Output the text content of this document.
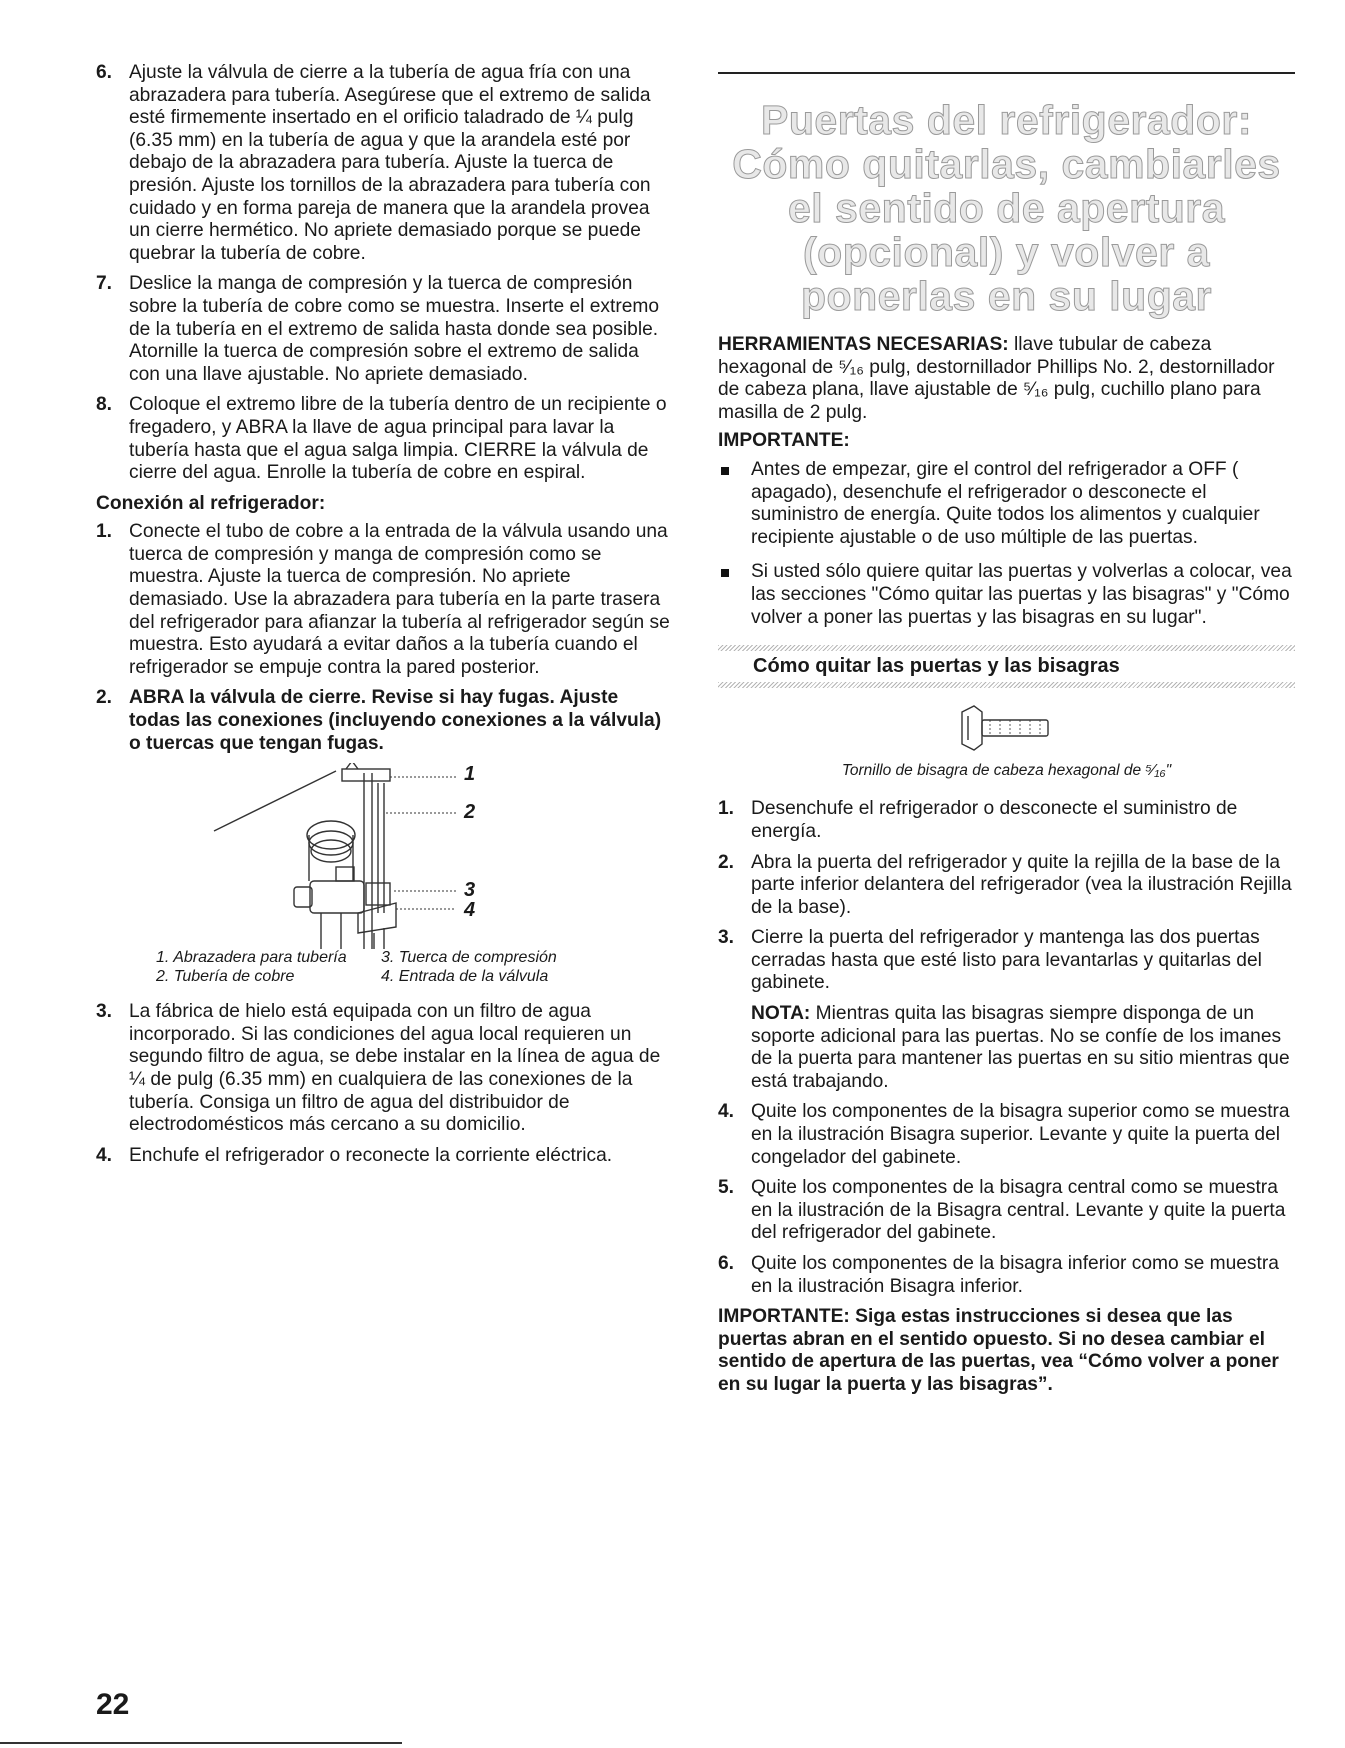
6. Ajuste la válvula de cierre a la tubería de agua fría con una abrazadera para tubería. Asegúrese que el extremo de salida esté firmemente insertado en el orificio taladrado de ¼ pulg (6.35 mm) en la tubería de agua y que la arandela esté por debajo de la abrazadera para tubería. Ajuste la tuerca de presión. Ajuste los tornillos de la abrazadera para tubería con cuidado y en forma pareja de manera que la arandela provea un cierre hermético. No apriete demasiado porque se puede quebrar la tubería de cobre.
7. Deslice la manga de compresión y la tuerca de compresión sobre la tubería de cobre como se muestra. Inserte el extremo de la tubería en el extremo de salida hasta donde sea posible. Atornille la tuerca de compresión sobre el extremo de salida con una llave ajustable. No apriete demasiado.
8. Coloque el extremo libre de la tubería dentro de un recipiente o fregadero, y ABRA la llave de agua principal para lavar la tubería hasta que el agua salga limpia. CIERRE la válvula de cierre del agua. Enrolle la tubería de cobre en espiral.
Conexión al refrigerador:
1. Conecte el tubo de cobre a la entrada de la válvula usando una tuerca de compresión y manga de compresión como se muestra. Ajuste la tuerca de compresión. No apriete demasiado. Use la abrazadera para tubería en la parte trasera del refrigerador para afianzar la tubería al refrigerador según se muestra. Esto ayudará a evitar daños a la tubería cuando el refrigerador se empuje contra la pared posterior.
2. ABRA la válvula de cierre. Revise si hay fugas. Ajuste todas las conexiones (incluyendo conexiones a la válvula) o tuercas que tengan fugas.
1
2
3
4
1. Abrazadera para tubería
2. Tubería de cobre
3. Tuerca de compresión
4. Entrada de la válvula
3. La fábrica de hielo está equipada con un filtro de agua incorporado. Si las condiciones del agua local requieren un segundo filtro de agua, se debe instalar en la línea de agua de ¼ de pulg (6.35 mm) en cualquiera de las conexiones de la tubería. Consiga un filtro de agua del distribuidor de electrodomésticos más cercano a su domicilio.
4. Enchufe el refrigerador o reconecte la corriente eléctrica.
Puertas del refrigerador: Cómo quitarlas, cambiarles el sentido de apertura (opcional) y volver a ponerlas en su lugar
HERRAMIENTAS NECESARIAS: llave tubular de cabeza hexagonal de ⁵⁄₁₆ pulg, destornillador Phillips No. 2, destornillador de cabeza plana, llave ajustable de ⁵⁄₁₆ pulg, cuchillo plano para masilla de 2 pulg.
IMPORTANTE:
Antes de empezar, gire el control del refrigerador a OFF ( apagado), desenchufe el refrigerador o desconecte el suministro de energía. Quite todos los alimentos y cualquier recipiente ajustable o de uso múltiple de las puertas.
Si usted sólo quiere quitar las puertas y volverlas a colocar, vea las secciones "Cómo quitar las puertas y las bisagras" y "Cómo volver a poner las puertas y las bisagras en su lugar".
Cómo quitar las puertas y las bisagras
Tornillo de bisagra de cabeza hexagonal de ⁵⁄₁₆"
1. Desenchufe el refrigerador o desconecte el suministro de energía.
2. Abra la puerta del refrigerador y quite la rejilla de la base de la parte inferior delantera del refrigerador (vea la ilustración Rejilla de la base).
3. Cierre la puerta del refrigerador y mantenga las dos puertas cerradas hasta que esté listo para levantarlas y quitarlas del gabinete.
NOTA: Mientras quita las bisagras siempre disponga de un soporte adicional para las puertas. No se confíe de los imanes de la puerta para mantener las puertas en su sitio mientras que está trabajando.
4. Quite los componentes de la bisagra superior como se muestra en la ilustración Bisagra superior. Levante y quite la puerta del congelador del gabinete.
5. Quite los componentes de la bisagra central como se muestra en la ilustración de la Bisagra central. Levante y quite la puerta del refrigerador del gabinete.
6. Quite los componentes de la bisagra inferior como se muestra en la ilustración Bisagra inferior.
IMPORTANTE: Siga estas instrucciones si desea que las puertas abran en el sentido opuesto. Si no desea cambiar el sentido de apertura de las puertas, vea “Cómo volver a poner en su lugar la puerta y las bisagras”.
22
